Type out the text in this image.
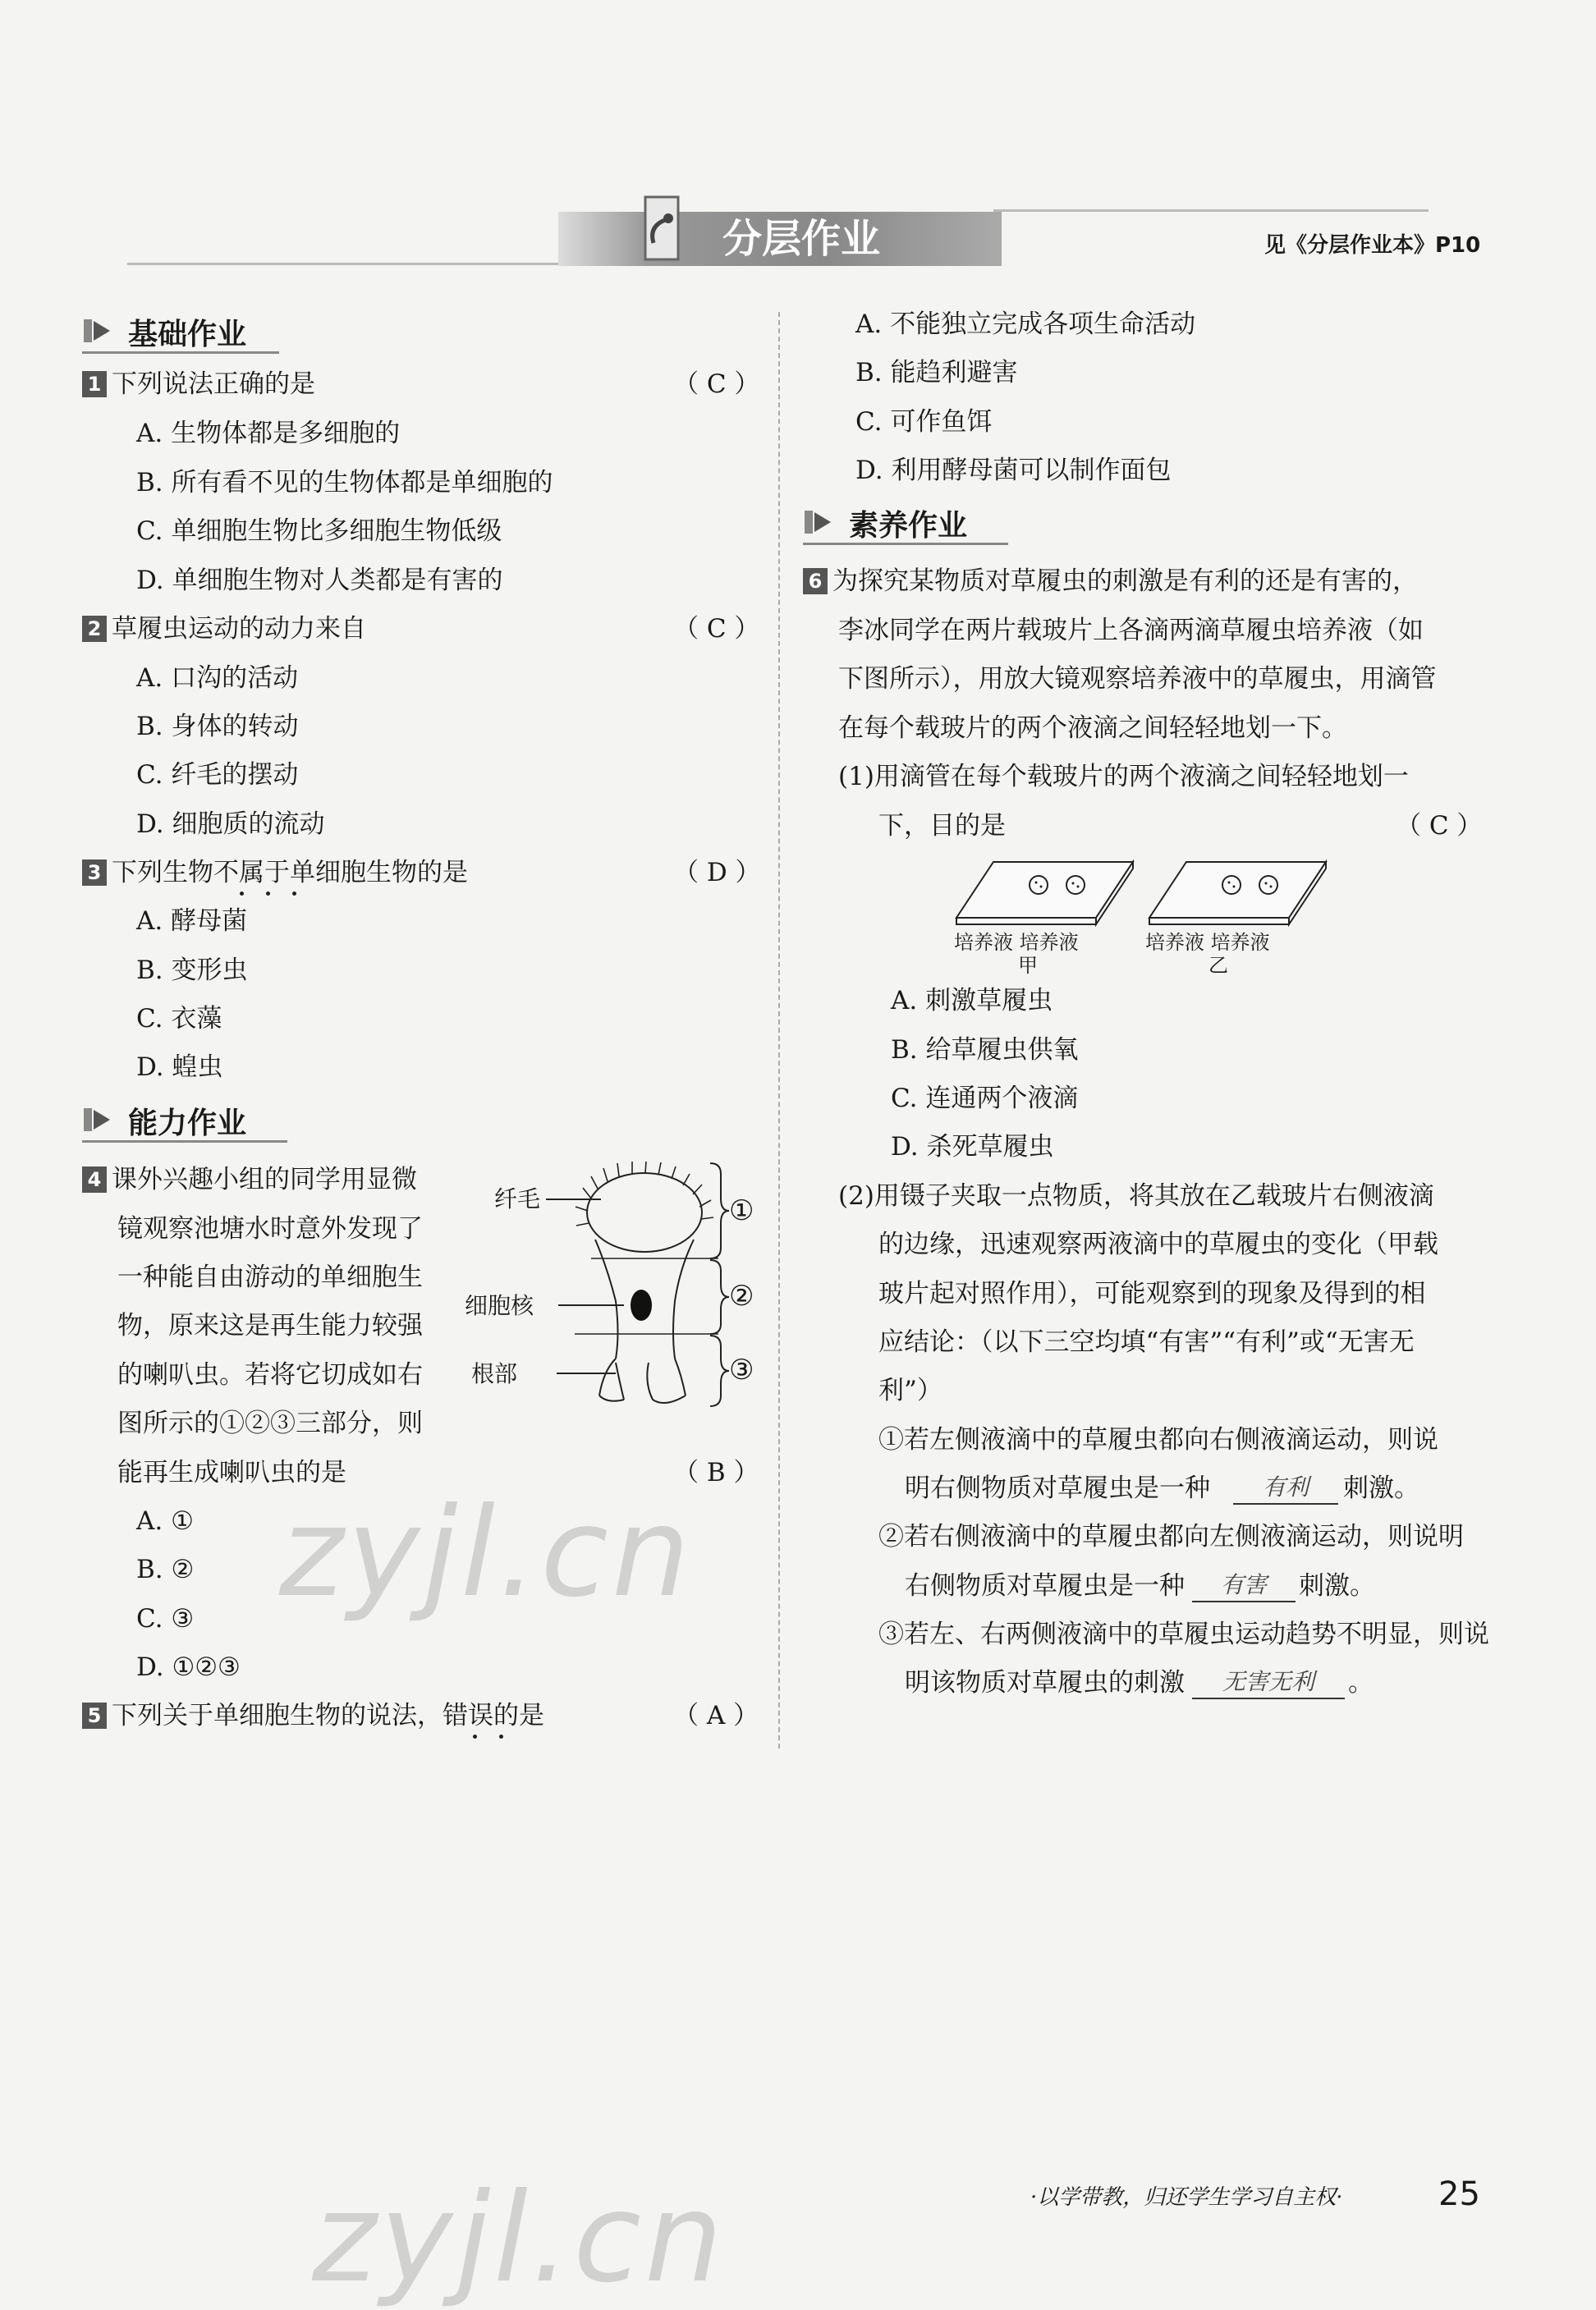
分层作业	见《分层作业本》P10
基础作业
1 下列说法正确的是	（ C ）
A. 生物体都是多细胞的
B. 所有看不见的生物体都是单细胞的
C. 单细胞生物比多细胞生物低级
D. 单细胞生物对人类都是有害的
2 草履虫运动的动力来自	（ C ）
A. 口沟的活动
B. 身体的转动
C. 纤毛的摆动
D. 细胞质的流动
3 下列生物不属于单细胞生物的是	（ D ）
A. 酵母菌
B. 变形虫
C. 衣藻
D. 蝗虫
能力作业
4 课外兴趣小组的同学用显微
镜观察池塘水时意外发现了
一种能自由游动的单细胞生
物，原来这是再生能力较强
的喇叭虫。若将它切成如右
图所示的①②③三部分，则
能再生成喇叭虫的是	（ B ）
纤毛
细胞核
根部
①
②
③
A. ①
B. ②
C. ③
D. ①②③
5 下列关于单细胞生物的说法，错误的是	（ A ）
A. 不能独立完成各项生命活动
B. 能趋利避害
C. 可作鱼饵
D. 利用酵母菌可以制作面包
素养作业
6 为探究某物质对草履虫的刺激是有利的还是有害的，
李冰同学在两片载玻片上各滴两滴草履虫培养液（如
下图所示），用放大镜观察培养液中的草履虫，用滴管
在每个载玻片的两个液滴之间轻轻地划一下。
(1)用滴管在每个载玻片的两个液滴之间轻轻地划一
下，目的是	（ C ）
培养液 培养液
甲
培养液 培养液
乙
A. 刺激草履虫
B. 给草履虫供氧
C. 连通两个液滴
D. 杀死草履虫
(2)用镊子夹取一点物质，将其放在乙载玻片右侧液滴
的边缘，迅速观察两液滴中的草履虫的变化（甲载
玻片起对照作用），可能观察到的现象及得到的相
应结论：（以下三空均填“有害”“有利”或“无害无
利”）
①若左侧液滴中的草履虫都向右侧液滴运动，则说
明右侧物质对草履虫是一种	有利	刺激。
②若右侧液滴中的草履虫都向左侧液滴运动，则说明
右侧物质对草履虫是一种	有害	刺激。
③若左、右两侧液滴中的草履虫运动趋势不明显，则说
明该物质对草履虫的刺激	无害无利	。
zyjl.cn
zyjl.cn	·以学带教，归还学生学习自主权·	25
